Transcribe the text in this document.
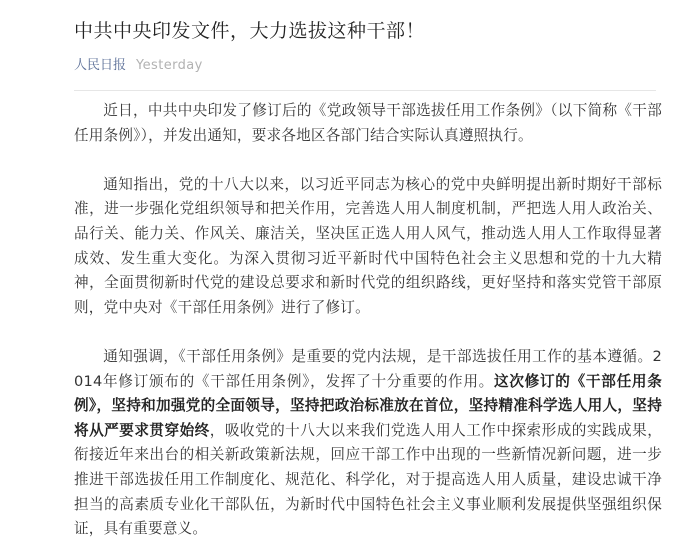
中共中央印发文件，大力选拔这种干部！
人民日报 Yesterday

近日，中共中央印发了修订后的《党政领导干部选拔任用工作条例》（以下简称《干部任用条例》），并发出通知，要求各地区各部门结合实际认真遵照执行。

通知指出，党的十八大以来，以习近平同志为核心的党中央鲜明提出新时期好干部标准，进一步强化党组织领导和把关作用，完善选人用人制度机制，严把选人用人政治关、品行关、能力关、作风关、廉洁关，坚决匡正选人用人风气，推动选人用人工作取得显著成效、发生重大变化。为深入贯彻习近平新时代中国特色社会主义思想和党的十九大精神，全面贯彻新时代党的建设总要求和新时代党的组织路线，更好坚持和落实党管干部原则，党中央对《干部任用条例》进行了修订。

通知强调，《干部任用条例》是重要的党内法规，是干部选拔任用工作的基本遵循。2014年修订颁布的《干部任用条例》，发挥了十分重要的作用。这次修订的《干部任用条例》，坚持和加强党的全面领导，坚持把政治标准放在首位，坚持精准科学选人用人，坚持将从严要求贯穿始终，吸收党的十八大以来我们党选人用人工作中探索形成的实践成果，衔接近年来出台的相关新政策新法规，回应干部工作中出现的一些新情况新问题，进一步推进干部选拔任用工作制度化、规范化、科学化，对于提高选人用人质量，建设忠诚干净担当的高素质专业化干部队伍，为新时代中国特色社会主义事业顺利发展提供坚强组织保证，具有重要意义。
